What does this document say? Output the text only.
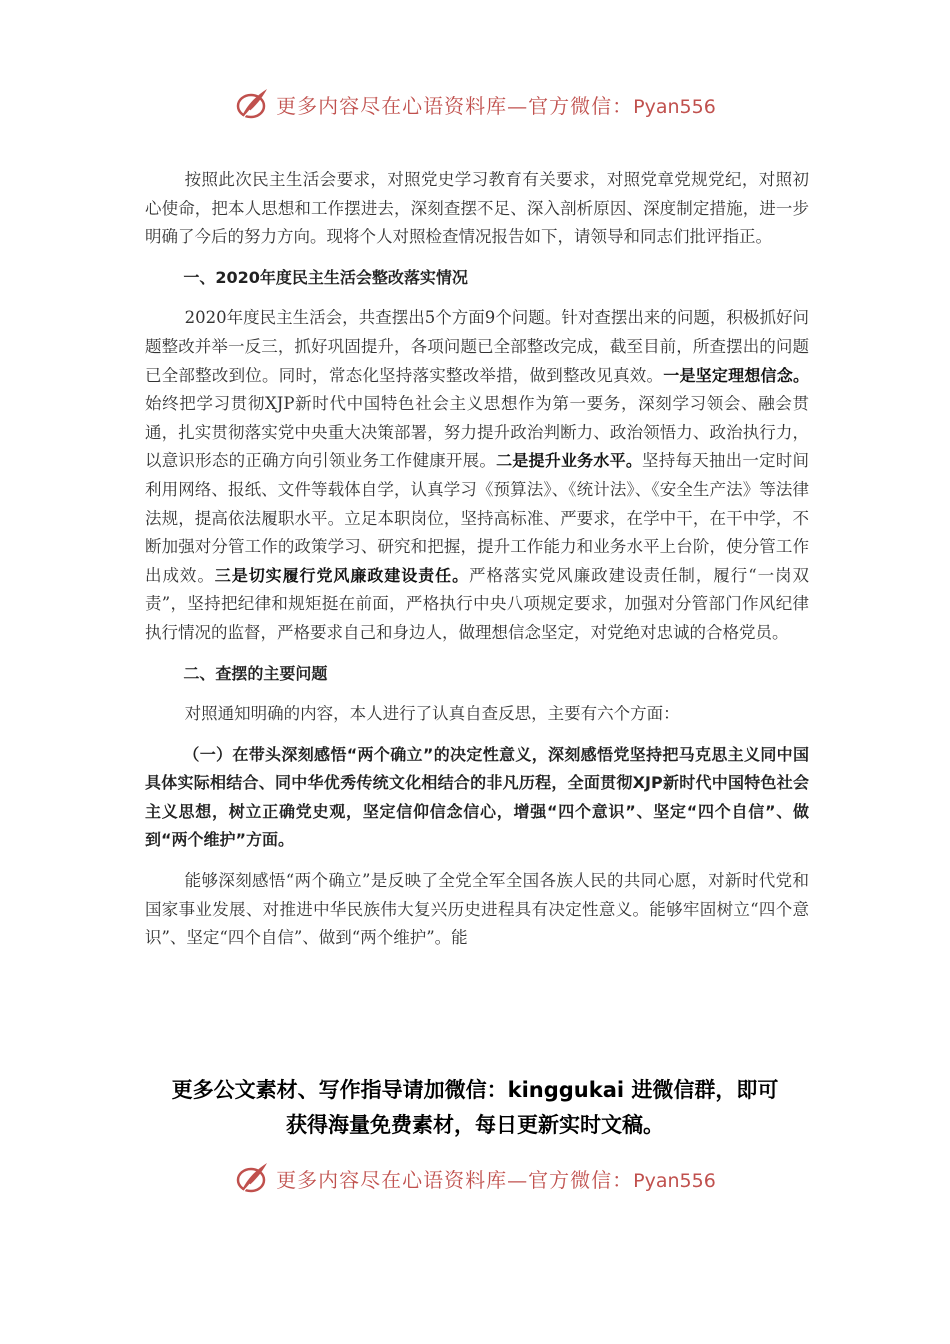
更多内容尽在心语资料库—官方微信：Pyan556

按照此次民主生活会要求，对照党史学习教育有关要求，对照党章党规党纪，对照初心使命，把本人思想和工作摆进去，深刻查摆不足、深入剖析原因、深度制定措施，进一步明确了今后的努力方向。现将个人对照检查情况报告如下，请领导和同志们批评指正。

一、2020年度民主生活会整改落实情况

2020年度民主生活会，共查摆出5个方面9个问题。针对查摆出来的问题，积极抓好问题整改并举一反三，抓好巩固提升，各项问题已全部整改完成，截至目前，所查摆出的问题已全部整改到位。同时，常态化坚持落实整改举措，做到整改见真效。一是坚定理想信念。始终把学习贯彻XJP新时代中国特色社会主义思想作为第一要务，深刻学习领会、融会贯通，扎实贯彻落实党中央重大决策部署，努力提升政治判断力、政治领悟力、政治执行力，以意识形态的正确方向引领业务工作健康开展。二是提升业务水平。坚持每天抽出一定时间利用网络、报纸、文件等载体自学，认真学习《预算法》、《统计法》、《安全生产法》等法律法规，提高依法履职水平。立足本职岗位，坚持高标准、严要求，在学中干，在干中学，不断加强对分管工作的政策学习、研究和把握，提升工作能力和业务水平上台阶，使分管工作出成效。三是切实履行党风廉政建设责任。严格落实党风廉政建设责任制，履行“一岗双责”，坚持把纪律和规矩挺在前面，严格执行中央八项规定要求，加强对分管部门作风纪律执行情况的监督，严格要求自己和身边人，做理想信念坚定，对党绝对忠诚的合格党员。

二、查摆的主要问题

对照通知明确的内容，本人进行了认真自查反思，主要有六个方面：

（一）在带头深刻感悟“两个确立”的决定性意义，深刻感悟党坚持把马克思主义同中国具体实际相结合、同中华优秀传统文化相结合的非凡历程，全面贯彻XJP新时代中国特色社会主义思想，树立正确党史观，坚定信仰信念信心，增强“四个意识”、坚定“四个自信”、做到“两个维护”方面。

能够深刻感悟“两个确立”是反映了全党全军全国各族人民的共同心愿，对新时代党和国家事业发展、对推进中华民族伟大复兴历史进程具有决定性意义。能够牢固树立“四个意识”、坚定“四个自信”、做到“两个维护”。能

更多公文素材、写作指导请加微信：kinggukai 进微信群，即可
获得海量免费素材，每日更新实时文稿。
更多内容尽在心语资料库—官方微信：Pyan556
